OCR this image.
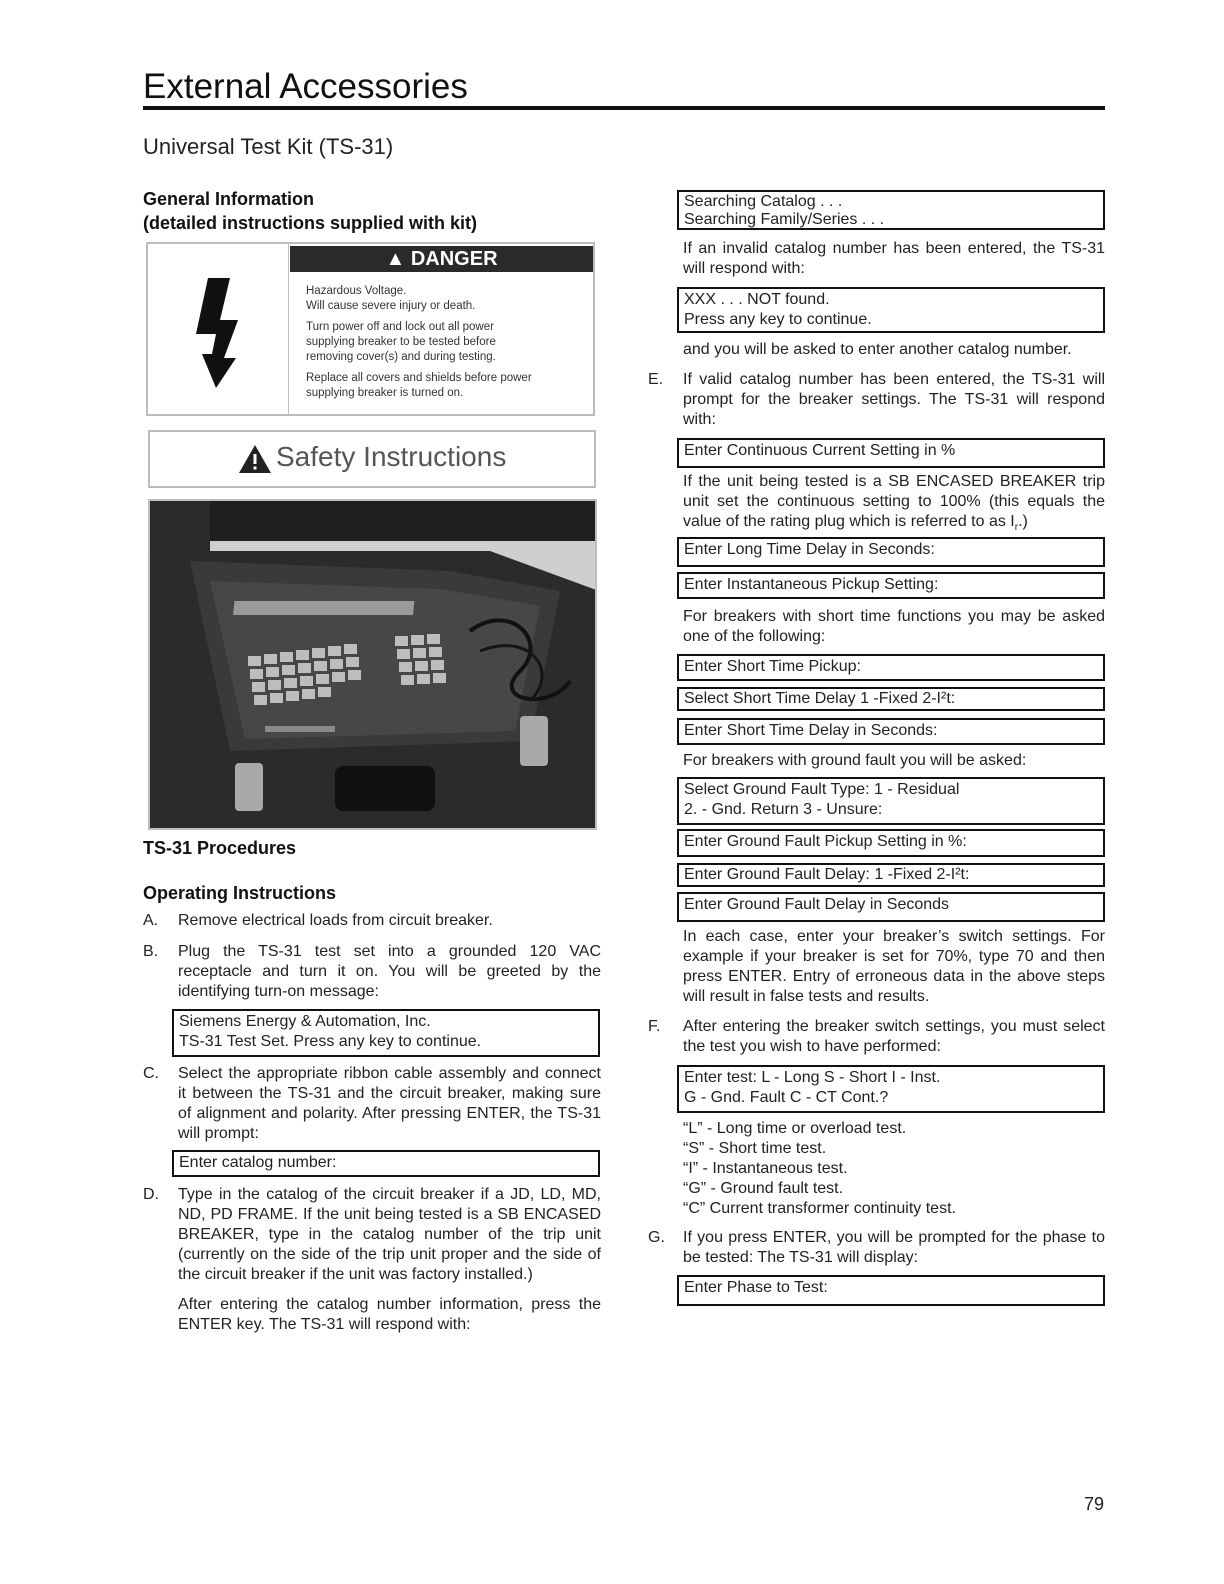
External Accessories
Universal Test Kit (TS-31)
General Information
(detailed instructions supplied with kit)
▲ DANGER
Hazardous Voltage.
Will cause severe injury or death.
Turn power off and lock out all power
supplying breaker to be tested before
removing cover(s) and during testing.
Replace all covers and shields before power
supplying breaker is turned on.
Safety Instructions
TS-31 Procedures
Operating Instructions
A.	Remove electrical loads from circuit breaker.
B.	Plug the TS-31 test set into a grounded 120 VAC receptacle and turn it on. You will be greeted by the identifying turn-on message:
Siemens Energy & Automation, Inc.
TS-31 Test Set. Press any key to continue.
C.	Select the appropriate ribbon cable assembly and connect it between the TS-31 and the circuit breaker, making sure of alignment and polarity. After pressing ENTER, the TS-31 will prompt:
Enter catalog number:
D.	Type in the catalog of the circuit breaker if a JD, LD, MD, ND, PD FRAME. If the unit being tested is a SB ENCASED BREAKER, type in the catalog number of the trip unit (currently on the side of the trip unit proper and the side of the circuit breaker if the unit was factory installed.)
After entering the catalog number information, press the ENTER key. The TS-31 will respond with:
Searching Catalog . . .
Searching Family/Series . . .
If an invalid catalog number has been entered, the TS-31 will respond with:
XXX . . . NOT found.
Press any key to continue.
and you will be asked to enter another catalog number.
E.	If valid catalog number has been entered, the TS-31 will prompt for the breaker settings. The TS-31 will respond with:
Enter Continuous Current Setting in %
If the unit being tested is a SB ENCASED BREAKER trip unit set the continuous setting to 100% (this equals the value of the rating plug which is referred to as $I_r$.)
Enter Long Time Delay in Seconds:
Enter Instantaneous Pickup Setting:
For breakers with short time functions you may be asked one of the following:
Enter Short Time Pickup:
Select Short Time Delay 1 -Fixed 2-I²t:
Enter Short Time Delay in Seconds:
For breakers with ground fault you will be asked:
Select Ground Fault Type: 1 - Residual
2. - Gnd. Return 3 - Unsure:
Enter Ground Fault Pickup Setting in %:
Enter Ground Fault Delay: 1 -Fixed 2-I²t:
Enter Ground Fault Delay in Seconds
In each case, enter your breaker’s switch settings. For example if your breaker is set for 70%, type 70 and then press ENTER. Entry of erroneous data in the above steps will result in false tests and results.
F.	After entering the breaker switch settings, you must select the test you wish to have performed:
Enter test: L - Long S - Short I - Inst.
G - Gnd. Fault C - CT Cont.?
“L” - Long time or overload test.
“S” - Short time test.
“I” - Instantaneous test.
“G” - Ground fault test.
“C” Current transformer continuity test.
G.	If you press ENTER, you will be prompted for the phase to be tested: The TS-31 will display:
Enter Phase to Test:
79
